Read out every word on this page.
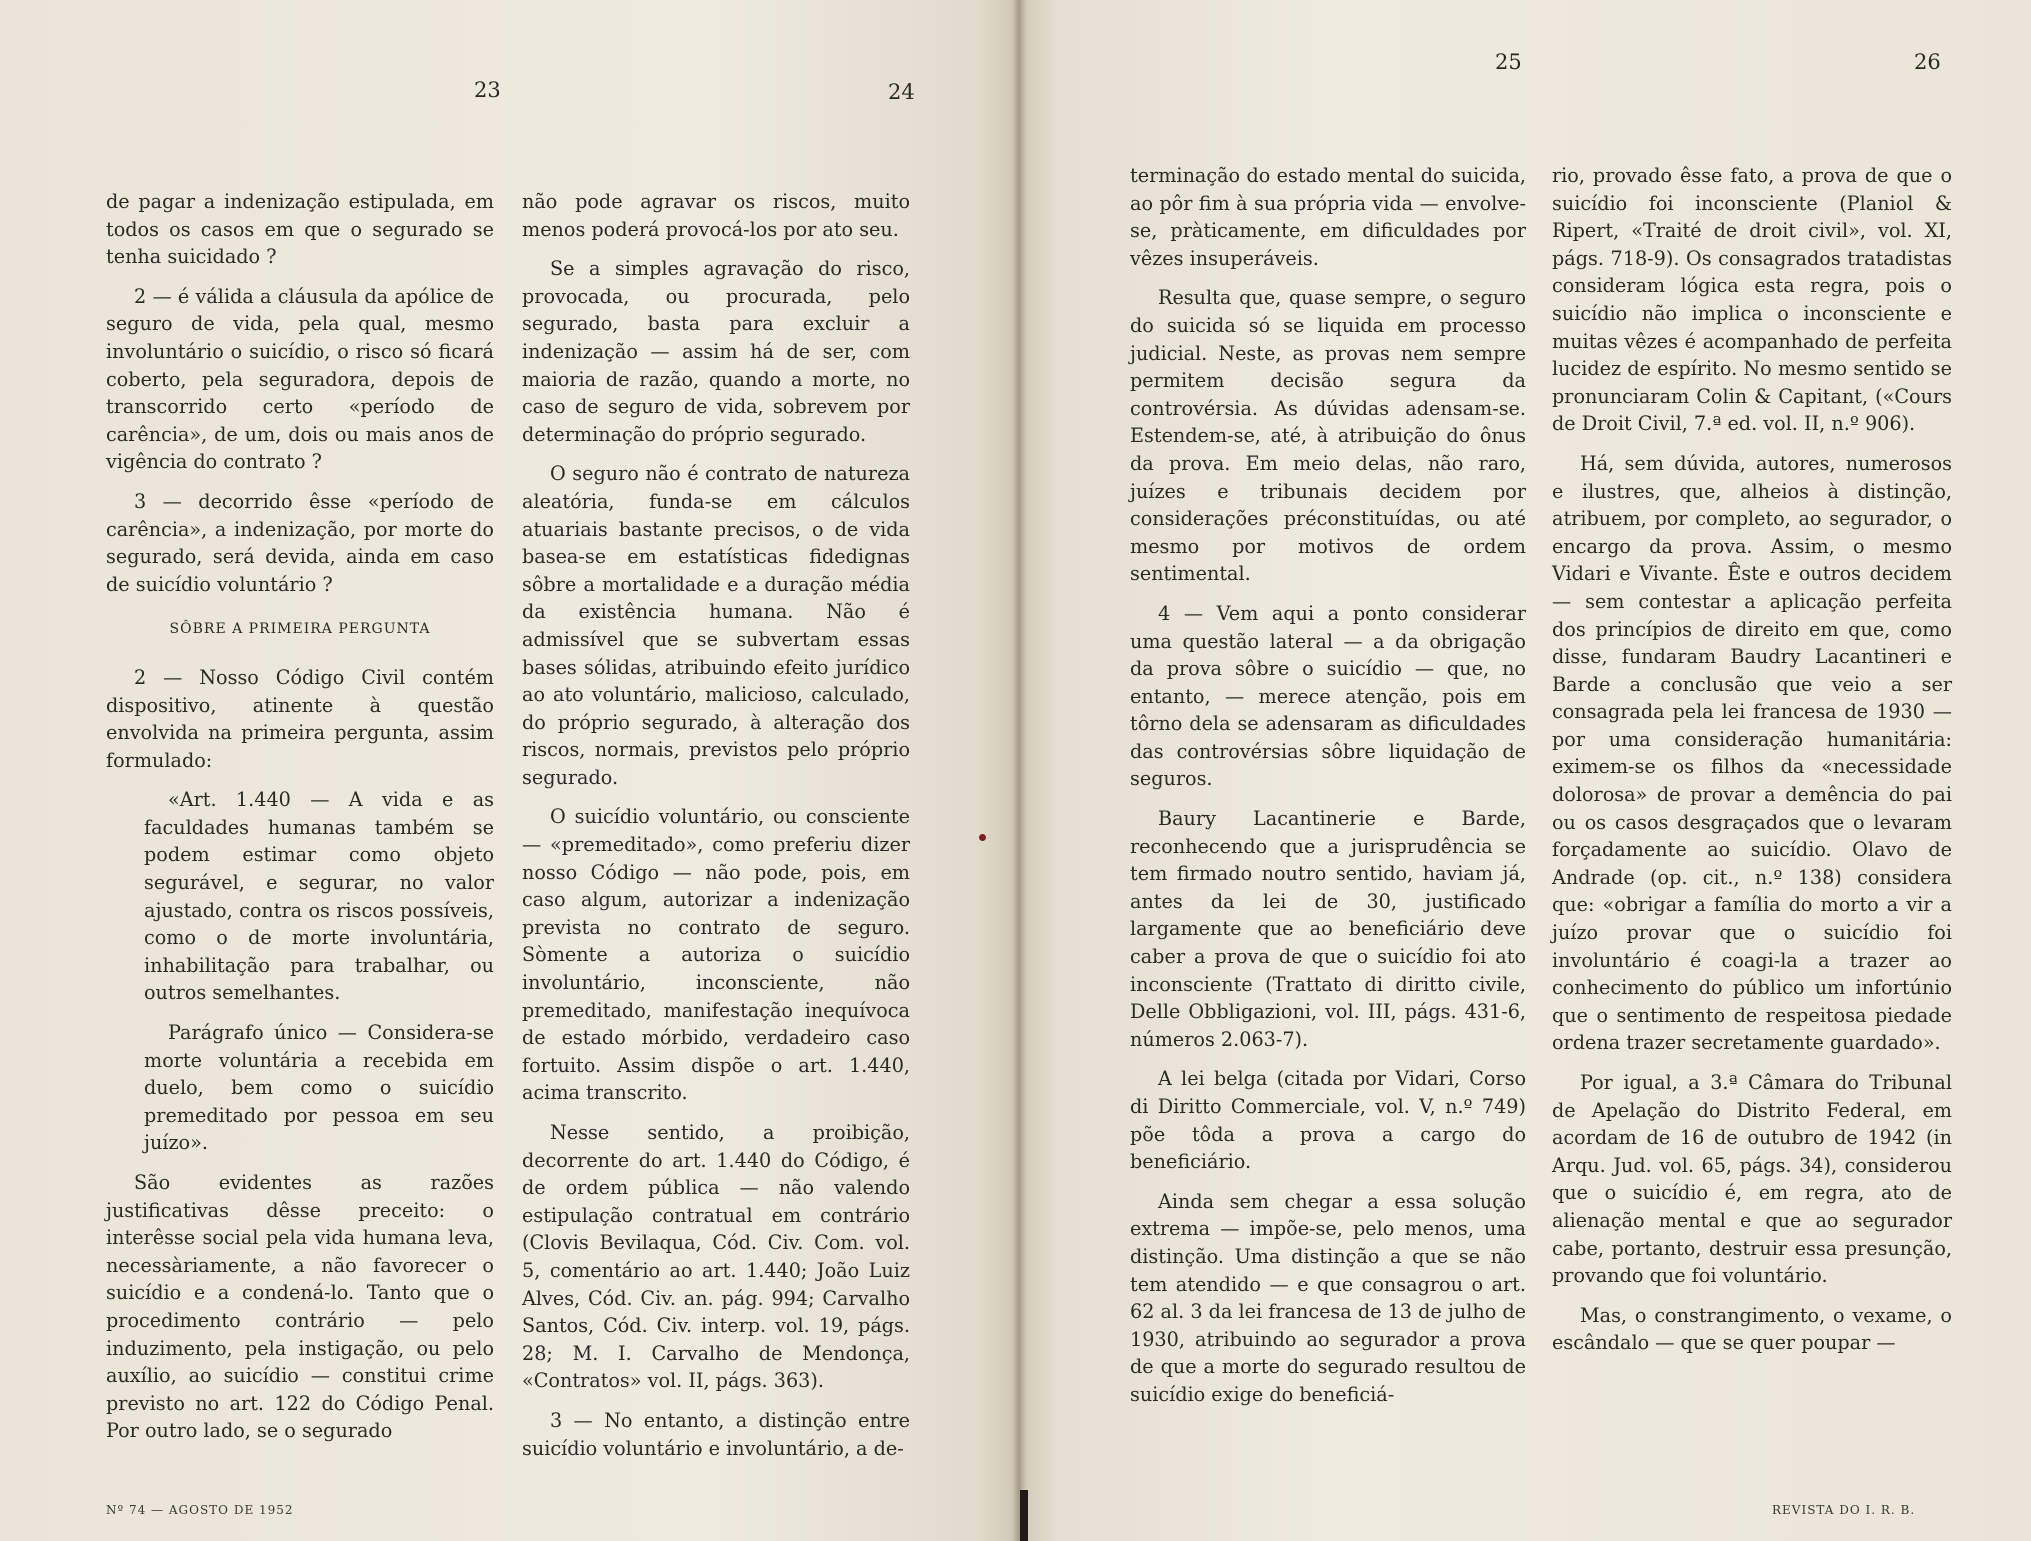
23	24
25	26

de pagar a indenização estipulada, em todos os casos em que o segurado se tenha suicidado ?

2 — é válida a cláusula da apólice de seguro de vida, pela qual, mesmo involuntário o suicídio, o risco só ficará coberto, pela seguradora, depois de transcorrido certo «período de carência», de um, dois ou mais anos de vigência do contrato ?

3 — decorrido êsse «período de carência», a indenização, por morte do segurado, será devida, ainda em caso de suicídio voluntário ?

SÔBRE A PRIMEIRA PERGUNTA

2 — Nosso Código Civil contém dispositivo, atinente à questão envolvida na primeira pergunta, assim formulado:

«Art. 1.440 — A vida e as faculdades humanas também se podem estimar como objeto segurável, e segurar, no valor ajustado, contra os riscos possíveis, como o de morte involuntária, inhabilitação para trabalhar, ou outros semelhantes.

Parágrafo único — Considera-se morte voluntária a recebida em duelo, bem como o suicídio premeditado por pessoa em seu juízo».

São evidentes as razões justificativas dêsse preceito: o interêsse social pela vida humana leva, necessàriamente, a não favorecer o suicídio e a condená-lo. Tanto que o procedimento contrário — pelo induzimento, pela instigação, ou pelo auxílio, ao suicídio — constitui crime previsto no art. 122 do Código Penal. Por outro lado, se o segurado

não pode agravar os riscos, muito menos poderá provocá-los por ato seu.

Se a simples agravação do risco, provocada, ou procurada, pelo segurado, basta para excluir a indenização — assim há de ser, com maioria de razão, quando a morte, no caso de seguro de vida, sobrevem por determinação do próprio segurado.

O seguro não é contrato de natureza aleatória, funda-se em cálculos atuariais bastante precisos, o de vida basea-se em estatísticas fidedignas sôbre a mortalidade e a duração média da existência humana. Não é admissível que se subvertam essas bases sólidas, atribuindo efeito jurídico ao ato voluntário, malicioso, calculado, do próprio segurado, à alteração dos riscos, normais, previstos pelo próprio segurado.

O suicídio voluntário, ou consciente — «premeditado», como preferiu dizer nosso Código — não pode, pois, em caso algum, autorizar a indenização prevista no contrato de seguro. Sòmente a autoriza o suicídio involuntário, inconsciente, não premeditado, manifestação inequívoca de estado mórbido, verdadeiro caso fortuito. Assim dispõe o art. 1.440, acima transcrito.

Nesse sentido, a proibição, decorrente do art. 1.440 do Código, é de ordem pública — não valendo estipulação contratual em contrário (Clovis Bevilaqua, Cód. Civ. Com. vol. 5, comentário ao art. 1.440; João Luiz Alves, Cód. Civ. an. pág. 994; Carvalho Santos, Cód. Civ. interp. vol. 19, págs. 28; M. I. Carvalho de Mendonça, «Contratos» vol. II, págs. 363).

3 — No entanto, a distinção entre suicídio voluntário e involuntário, a de-

terminação do estado mental do suicida, ao pôr fim à sua própria vida — envolve-se, pràticamente, em dificuldades por vêzes insuperáveis.

Resulta que, quase sempre, o seguro do suicida só se liquida em processo judicial. Neste, as provas nem sempre permitem decisão segura da controvérsia. As dúvidas adensam-se. Estendem-se, até, à atribuição do ônus da prova. Em meio delas, não raro, juízes e tribunais decidem por considerações préconstituídas, ou até mesmo por motivos de ordem sentimental.

4 — Vem aqui a ponto considerar uma questão lateral — a da obrigação da prova sôbre o suicídio — que, no entanto, — merece atenção, pois em tôrno dela se adensaram as dificuldades das controvérsias sôbre liquidação de seguros.

Baury Lacantinerie e Barde, reconhecendo que a jurisprudência se tem firmado noutro sentido, haviam já, antes da lei de 30, justificado largamente que ao beneficiário deve caber a prova de que o suicídio foi ato inconsciente (Trattato di diritto civile, Delle Obbligazioni, vol. III, págs. 431-6, números 2.063-7).

A lei belga (citada por Vidari, Corso di Diritto Commerciale, vol. V, n.º 749) põe tôda a prova a cargo do beneficiário.

Ainda sem chegar a essa solução extrema — impõe-se, pelo menos, uma distinção. Uma distinção a que se não tem atendido — e que consagrou o art. 62 al. 3 da lei francesa de 13 de julho de 1930, atribuindo ao segurador a prova de que a morte do segurado resultou de suicídio exige do beneficiá-

rio, provado êsse fato, a prova de que o suicídio foi inconsciente (Planiol & Ripert, «Traité de droit civil», vol. XI, págs. 718-9). Os consagrados tratadistas consideram lógica esta regra, pois o suicídio não implica o inconsciente e muitas vêzes é acompanhado de perfeita lucidez de espírito. No mesmo sentido se pronunciaram Colin & Capitant, («Cours de Droit Civil, 7.ª ed. vol. II, n.º 906).

Há, sem dúvida, autores, numerosos e ilustres, que, alheios à distinção, atribuem, por completo, ao segurador, o encargo da prova. Assim, o mesmo Vidari e Vivante. Êste e outros decidem — sem contestar a aplicação perfeita dos princípios de direito em que, como disse, fundaram Baudry Lacantineri e Barde a conclusão que veio a ser consagrada pela lei francesa de 1930 — por uma consideração humanitária: eximem-se os filhos da «necessidade dolorosa» de provar a demência do pai ou os casos desgraçados que o levaram forçadamente ao suicídio. Olavo de Andrade (op. cit., n.º 138) considera que: «obrigar a família do morto a vir a juízo provar que o suicídio foi involuntário é coagi-la a trazer ao conhecimento do público um infortúnio que o sentimento de respeitosa piedade ordena trazer secretamente guardado».

Por igual, a 3.ª Câmara do Tribunal de Apelação do Distrito Federal, em acordam de 16 de outubro de 1942 (in Arqu. Jud. vol. 65, págs. 34), considerou que o suicídio é, em regra, ato de alienação mental e que ao segurador cabe, portanto, destruir essa presunção, provando que foi voluntário.

Mas, o constrangimento, o vexame, o escândalo — que se quer poupar —

Nº 74 — AGOSTO DE 1952	REVISTA DO I. R. B.
